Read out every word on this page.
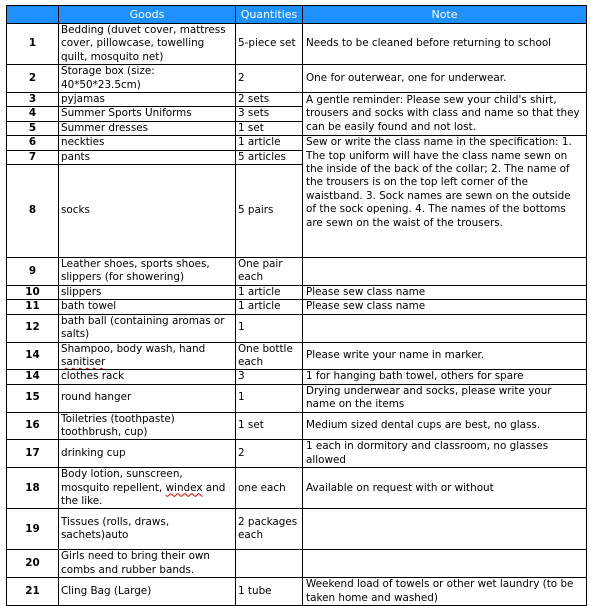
	Goods	Quantities	Note
1	Bedding (duvet cover, mattress cover, pillowcase, towelling quilt, mosquito net)	5-piece set	Needs to be cleaned before returning to school
2	Storage box (size: 40*50*23.5cm)	2	One for outerwear, one for underwear.
3	pyjamas	2 sets	A gentle reminder: Please sew your child's shirt, trousers and socks with class and name so that they can be easily found and not lost.
4	Summer Sports Uniforms	3 sets	
5	Summer dresses	1 set	
6	neckties	1 article	Sew or write the class name in the specification: 1. The top uniform will have the class name sewn on the inside of the back of the collar; 2. The name of the trousers is on the top left corner of the waistband. 3. Sock names are sewn on the outside of the sock opening. 4. The names of the bottoms are sewn on the waist of the trousers.
7	pants	5 articles	
8	socks	5 pairs	
9	Leather shoes, sports shoes, slippers (for showering)	One pair each	
10	slippers	1 article	Please sew class name
11	bath towel	1 article	Please sew class name
12	bath ball (containing aromas or salts)	1	
14	Shampoo, body wash, hand sanitiser	One bottle each	Please write your name in marker.
14	clothes rack	3	1 for hanging bath towel, others for spare
15	round hanger	1	Drying underwear and socks, please write your name on the items
16	Toiletries (toothpaste) toothbrush, cup)	1 set	Medium sized dental cups are best, no glass.
17	drinking cup	2	1 each in dormitory and classroom, no glasses allowed
18	Body lotion, sunscreen, mosquito repellent, windex and the like.	one each	Available on request with or without
19	Tissues (rolls, draws, sachets)auto	2 packages each	
20	Girls need to bring their own combs and rubber bands.		
21	Cling Bag (Large)	1 tube	Weekend load of towels or other wet laundry (to be taken home and washed)
